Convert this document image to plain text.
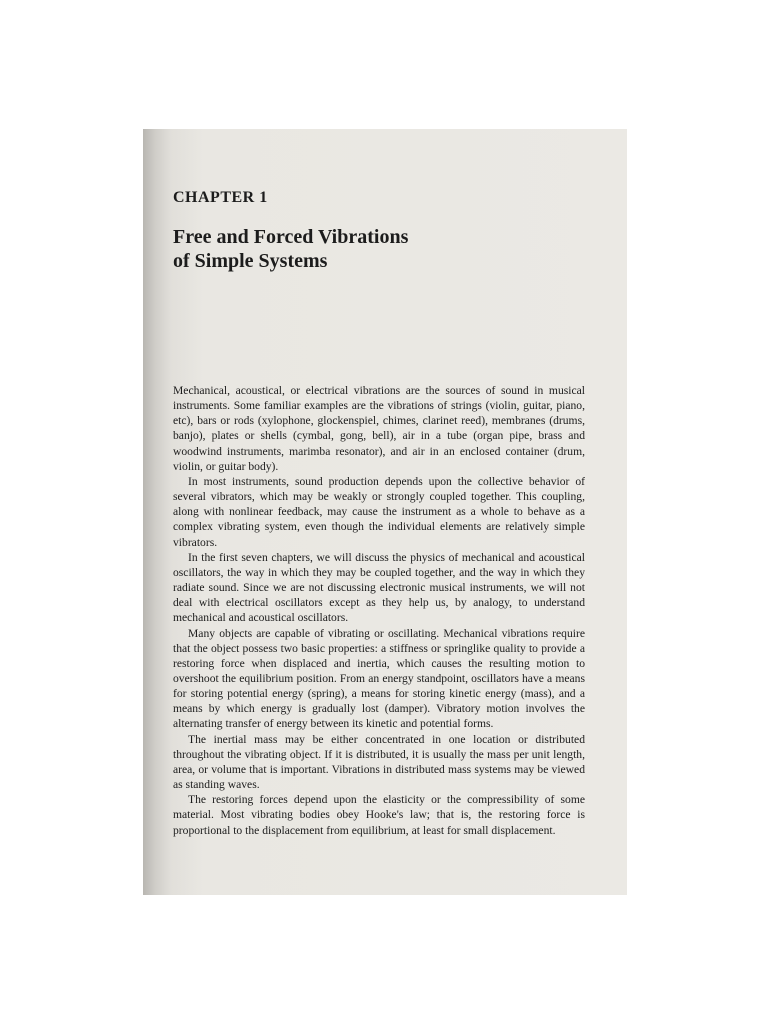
CHAPTER 1
Free and Forced Vibrations
of Simple Systems

Mechanical, acoustical, or electrical vibrations are the sources of sound in musical instruments. Some familiar examples are the vibrations of strings (violin, guitar, piano, etc), bars or rods (xylophone, glockenspiel, chimes, clarinet reed), membranes (drums, banjo), plates or shells (cymbal, gong, bell), air in a tube (organ pipe, brass and woodwind instruments, marimba resonator), and air in an enclosed container (drum, violin, or guitar body).

In most instruments, sound production depends upon the collective behavior of several vibrators, which may be weakly or strongly coupled together. This coupling, along with nonlinear feedback, may cause the instrument as a whole to behave as a complex vibrating system, even though the individual elements are relatively simple vibrators.

In the first seven chapters, we will discuss the physics of mechanical and acoustical oscillators, the way in which they may be coupled together, and the way in which they radiate sound. Since we are not discussing electronic musical instruments, we will not deal with electrical oscillators except as they help us, by analogy, to understand mechanical and acoustical oscillators.

Many objects are capable of vibrating or oscillating. Mechanical vibrations require that the object possess two basic properties: a stiffness or springlike quality to provide a restoring force when displaced and inertia, which causes the resulting motion to overshoot the equilibrium position. From an energy standpoint, oscillators have a means for storing potential energy (spring), a means for storing kinetic energy (mass), and a means by which energy is gradually lost (damper). Vibratory motion involves the alternating transfer of energy between its kinetic and potential forms.

The inertial mass may be either concentrated in one location or distributed throughout the vibrating object. If it is distributed, it is usually the mass per unit length, area, or volume that is important. Vibrations in distributed mass systems may be viewed as standing waves.

The restoring forces depend upon the elasticity or the compressibility of some material. Most vibrating bodies obey Hooke's law; that is, the restoring force is proportional to the displacement from equilibrium, at least for small displacement.
